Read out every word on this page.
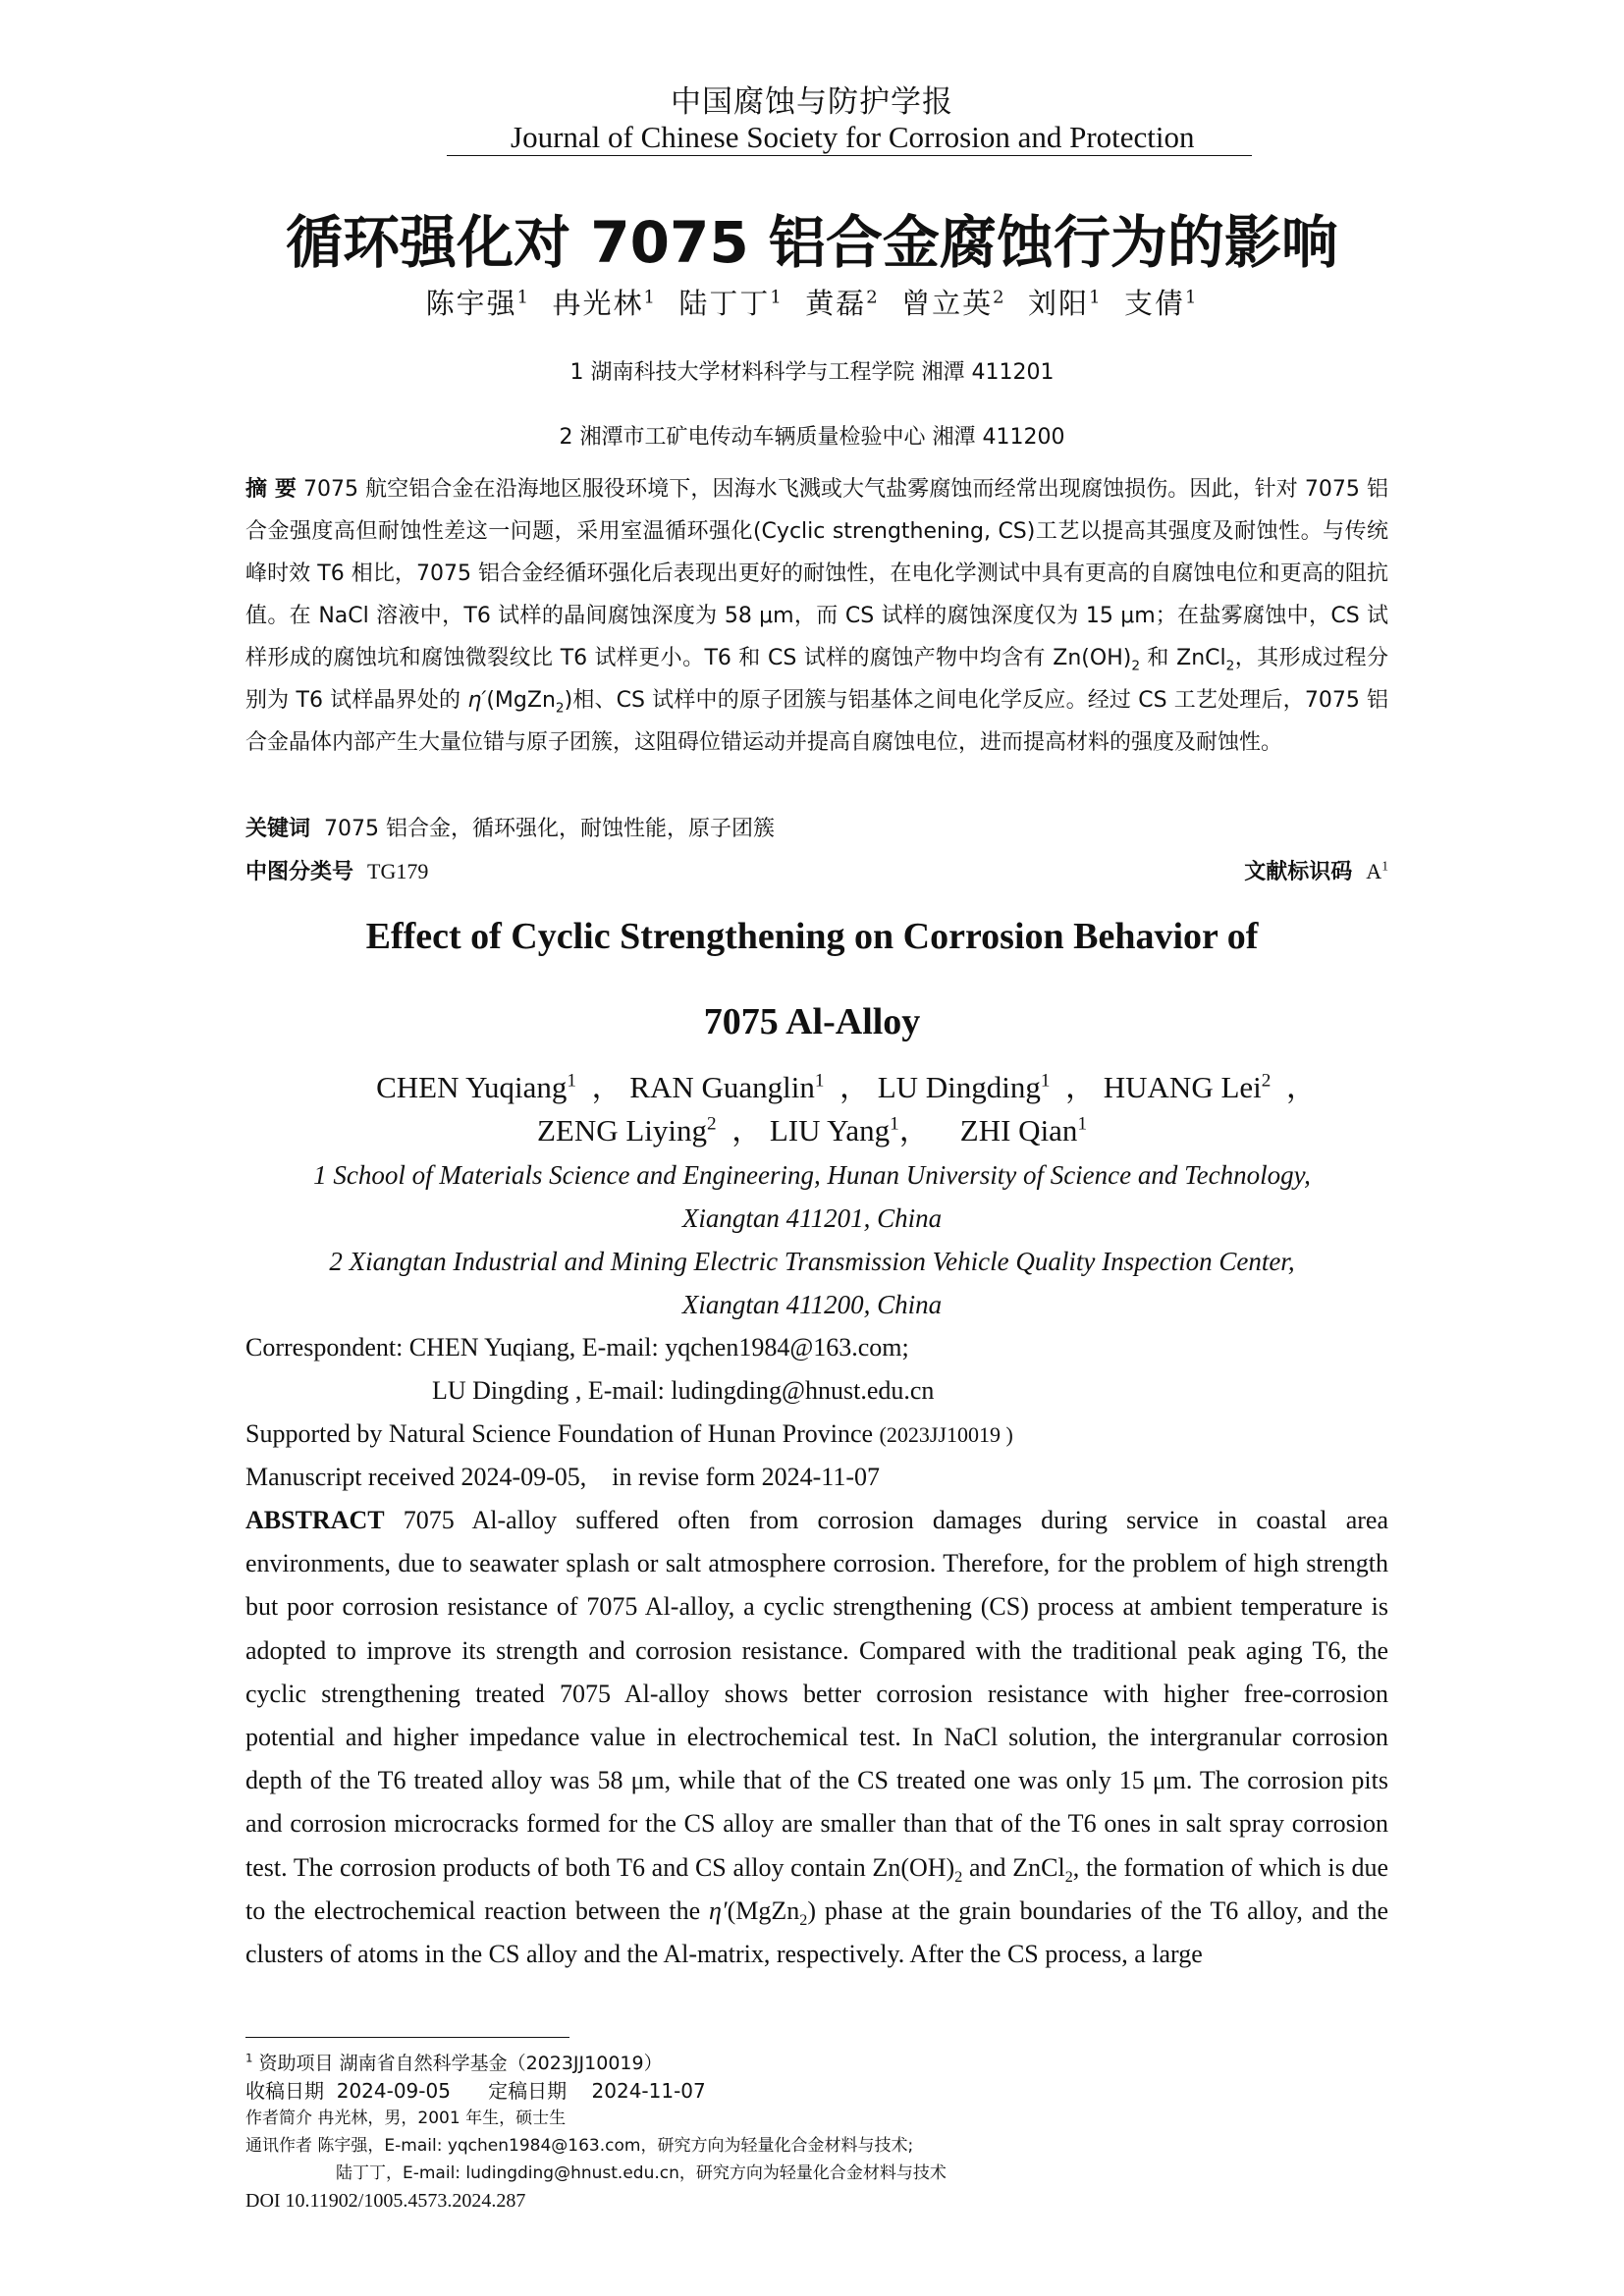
中国腐蚀与防护学报
Journal of Chinese Society for Corrosion and Protection
循环强化对 7075 铝合金腐蚀行为的影响
陈宇强$^1$ 冉光林$^1$ 陆丁丁$^1$ 黄磊$^2$ 曾立英$^2$ 刘阳$^1$ 支倩$^1$
1 湖南科技大学材料科学与工程学院 湘潭 411201
2 湘潭市工矿电传动车辆质量检验中心 湘潭 411200
摘 要 7075 航空铝合金在沿海地区服役环境下，因海水飞溅或大气盐雾腐蚀而经常出现腐蚀损伤。因此，针对 7075 铝合金强度高但耐蚀性差这一问题，采用室温循环强化(Cyclic strengthening, CS)工艺以提高其强度及耐蚀性。与传统峰时效 T6 相比，7075 铝合金经循环强化后表现出更好的耐蚀性，在电化学测试中具有更高的自腐蚀电位和更高的阻抗值。在 NaCl 溶液中，T6 试样的晶间腐蚀深度为 58 μm，而 CS 试样的腐蚀深度仅为 15 μm；在盐雾腐蚀中，CS 试样形成的腐蚀坑和腐蚀微裂纹比 T6 试样更小。T6 和 CS 试样的腐蚀产物中均含有 $Zn(OH)_2$ 和 ZnCl$_2$，其形成过程分别为 T6 试样晶界处的 η′(MgZn$_2$)相、CS 试样中的原子团簇与铝基体之间电化学反应。经过 CS 工艺处理后，7075 铝合金晶体内部产生大量位错与原子团簇，这阻碍位错运动并提高自腐蚀电位，进而提高材料的强度及耐蚀性。
关键词 7075 铝合金，循环强化，耐蚀性能，原子团簇
中图分类号 TG179	文献标识码 $A^1$
Effect of Cyclic Strengthening on Corrosion Behavior of
7075 Al-Alloy
CHEN Yuqiang$^1$  ， RAN Guanglin$^1$  ， LU Dingding$^1$  ， HUANG Lei$^2$  ，
ZENG Liying$^2$  ， LIU Yang$^1$，    ZHI Qian$^1$
1 School of Materials Science and Engineering, Hunan University of Science and Technology,
Xiangtan 411201, China
2 Xiangtan Industrial and Mining Electric Transmission Vehicle Quality Inspection Center,
Xiangtan 411200, China
Correspondent: CHEN Yuqiang, E-mail: yqchen1984@163.com;
LU Dingding , E-mail: ludingding@hnust.edu.cn
Supported by Natural Science Foundation of Hunan Province (2023JJ10019 )
Manuscript received 2024-09-05,    in revise form 2024-11-07
ABSTRACT 7075 Al-alloy suffered often from corrosion damages during service in coastal area environments, due to seawater splash or salt atmosphere corrosion. Therefore, for the problem of high strength but poor corrosion resistance of 7075 Al-alloy, a cyclic strengthening (CS) process at ambient temperature is adopted to improve its strength and corrosion resistance. Compared with the traditional peak aging T6, the cyclic strengthening treated 7075 Al-alloy shows better corrosion resistance with higher free-corrosion potential and higher impedance value in electrochemical test. In NaCl solution, the intergranular corrosion depth of the T6 treated alloy was 58 μm, while that of the CS treated one was only 15 μm. The corrosion pits and corrosion microcracks formed for the CS alloy are smaller than that of the T6 ones in salt spray corrosion test. The corrosion products of both T6 and CS alloy contain $Zn(OH)_2$ and ZnCl$_2$, the formation of which is due to the electrochemical reaction between the η′(MgZn$_2$) phase at the grain boundaries of the T6 alloy, and the clusters of atoms in the CS alloy and the Al-matrix, respectively. After the CS process, a large
$^1$ 资助项目 湖南省自然科学基金（2023JJ10019）
收稿日期  2024-09-05      定稿日期    2024-11-07
作者简介 冉光林，男，2001 年生，硕士生
通讯作者 陈宇强，E-mail: yqchen1984@163.com，研究方向为轻量化合金材料与技术;
陆丁丁，E-mail: ludingding@hnust.edu.cn，研究方向为轻量化合金材料与技术
DOI 10.11902/1005.4573.2024.287
